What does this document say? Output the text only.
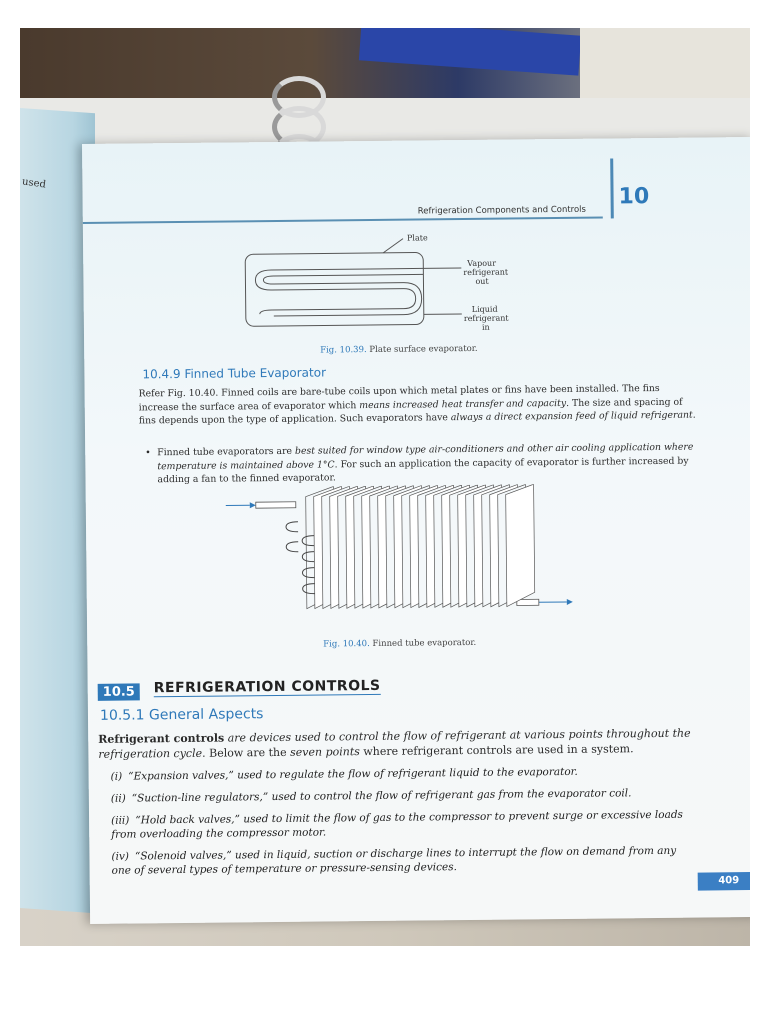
used
Refrigeration Components and Controls
10
Plate
Vapour
refrigerant
out
Liquid
refrigerant
in
Fig. 10.39. Plate surface evaporator.
10.4.9 Finned Tube Evaporator
Refer Fig. 10.40. Finned coils are bare-tube coils upon which metal plates or fins have been installed. The fins increase the surface area of evaporator which means increased heat transfer and capacity. The size and spacing of fins depends upon the type of application. Such evaporators have always a direct expansion feed of liquid refrigerant.
• Finned tube evaporators are best suited for window type air-conditioners and other air cooling application where temperature is maintained above 1°C. For such an application the capacity of evaporator is further increased by adding a fan to the finned evaporator.
Fig. 10.40. Finned tube evaporator.
10.5	REFRIGERATION CONTROLS
10.5.1 General Aspects
Refrigerant controls are devices used to control the flow of refrigerant at various points throughout the refrigeration cycle. Below are the seven points where refrigerant controls are used in a system.
(i) “Expansion valves,” used to regulate the flow of refrigerant liquid to the evaporator.
(ii) “Suction-line regulators,” used to control the flow of refrigerant gas from the evaporator coil.
(iii) “Hold back valves,” used to limit the flow of gas to the compressor to prevent surge or excessive loads from overloading the compressor motor.
(iv) “Solenoid valves,” used in liquid, suction or discharge lines to interrupt the flow on demand from any one of several types of temperature or pressure-sensing devices.
409
